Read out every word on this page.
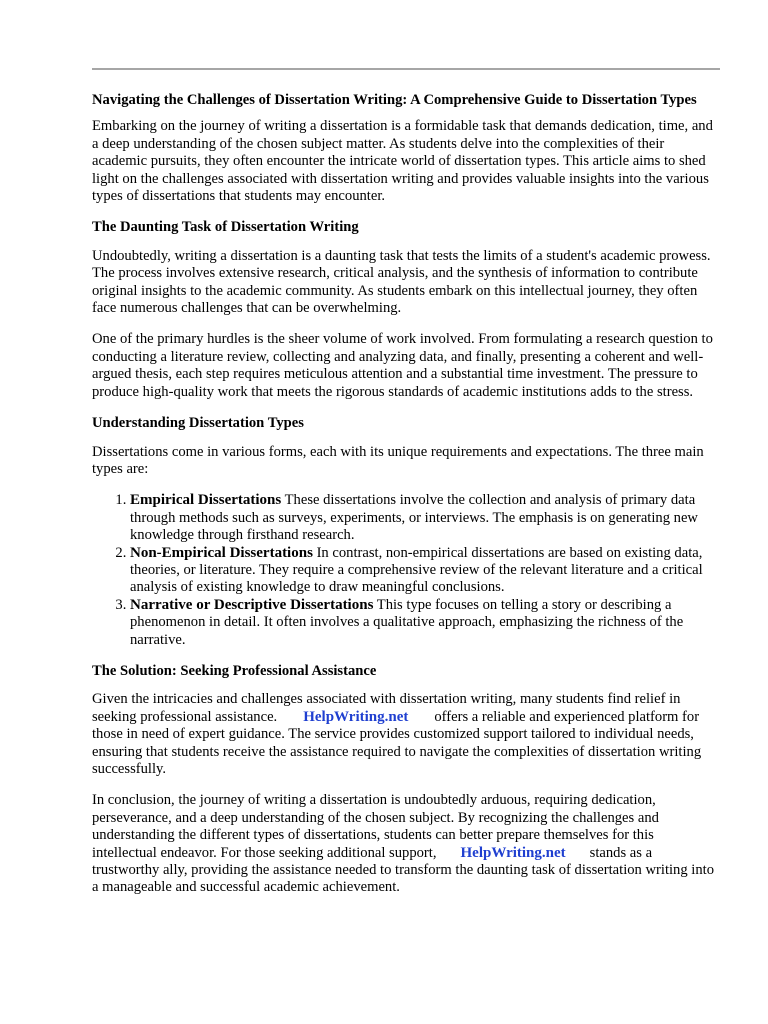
Navigating the Challenges of Dissertation Writing: A Comprehensive Guide to Dissertation Types

Embarking on the journey of writing a dissertation is a formidable task that demands dedication, time, and a deep understanding of the chosen subject matter. As students delve into the complexities of their academic pursuits, they often encounter the intricate world of dissertation types. This article aims to shed light on the challenges associated with dissertation writing and provides valuable insights into the various types of dissertations that students may encounter.

The Daunting Task of Dissertation Writing

Undoubtedly, writing a dissertation is a daunting task that tests the limits of a student's academic prowess. The process involves extensive research, critical analysis, and the synthesis of information to contribute original insights to the academic community. As students embark on this intellectual journey, they often face numerous challenges that can be overwhelming.

One of the primary hurdles is the sheer volume of work involved. From formulating a research question to conducting a literature review, collecting and analyzing data, and finally, presenting a coherent and well-argued thesis, each step requires meticulous attention and a substantial time investment. The pressure to produce high-quality work that meets the rigorous standards of academic institutions adds to the stress.

Understanding Dissertation Types

Dissertations come in various forms, each with its unique requirements and expectations. The three main types are:

1. Empirical Dissertations These dissertations involve the collection and analysis of primary data through methods such as surveys, experiments, or interviews. The emphasis is on generating new knowledge through firsthand research.
2. Non-Empirical Dissertations In contrast, non-empirical dissertations are based on existing data, theories, or literature. They require a comprehensive review of the relevant literature and a critical analysis of existing knowledge to draw meaningful conclusions.
3. Narrative or Descriptive Dissertations This type focuses on telling a story or describing a phenomenon in detail. It often involves a qualitative approach, emphasizing the richness of the narrative.
The Solution: Seeking Professional Assistance

Given the intricacies and challenges associated with dissertation writing, many students find relief in seeking professional assistance. HelpWriting.net offers a reliable and experienced platform for those in need of expert guidance. The service provides customized support tailored to individual needs, ensuring that students receive the assistance required to navigate the complexities of dissertation writing successfully.

In conclusion, the journey of writing a dissertation is undoubtedly arduous, requiring dedication, perseverance, and a deep understanding of the chosen subject. By recognizing the challenges and understanding the different types of dissertations, students can better prepare themselves for this intellectual endeavor. For those seeking additional support, HelpWriting.net stands as a trustworthy ally, providing the assistance needed to transform the daunting task of dissertation writing into a manageable and successful academic achievement.
